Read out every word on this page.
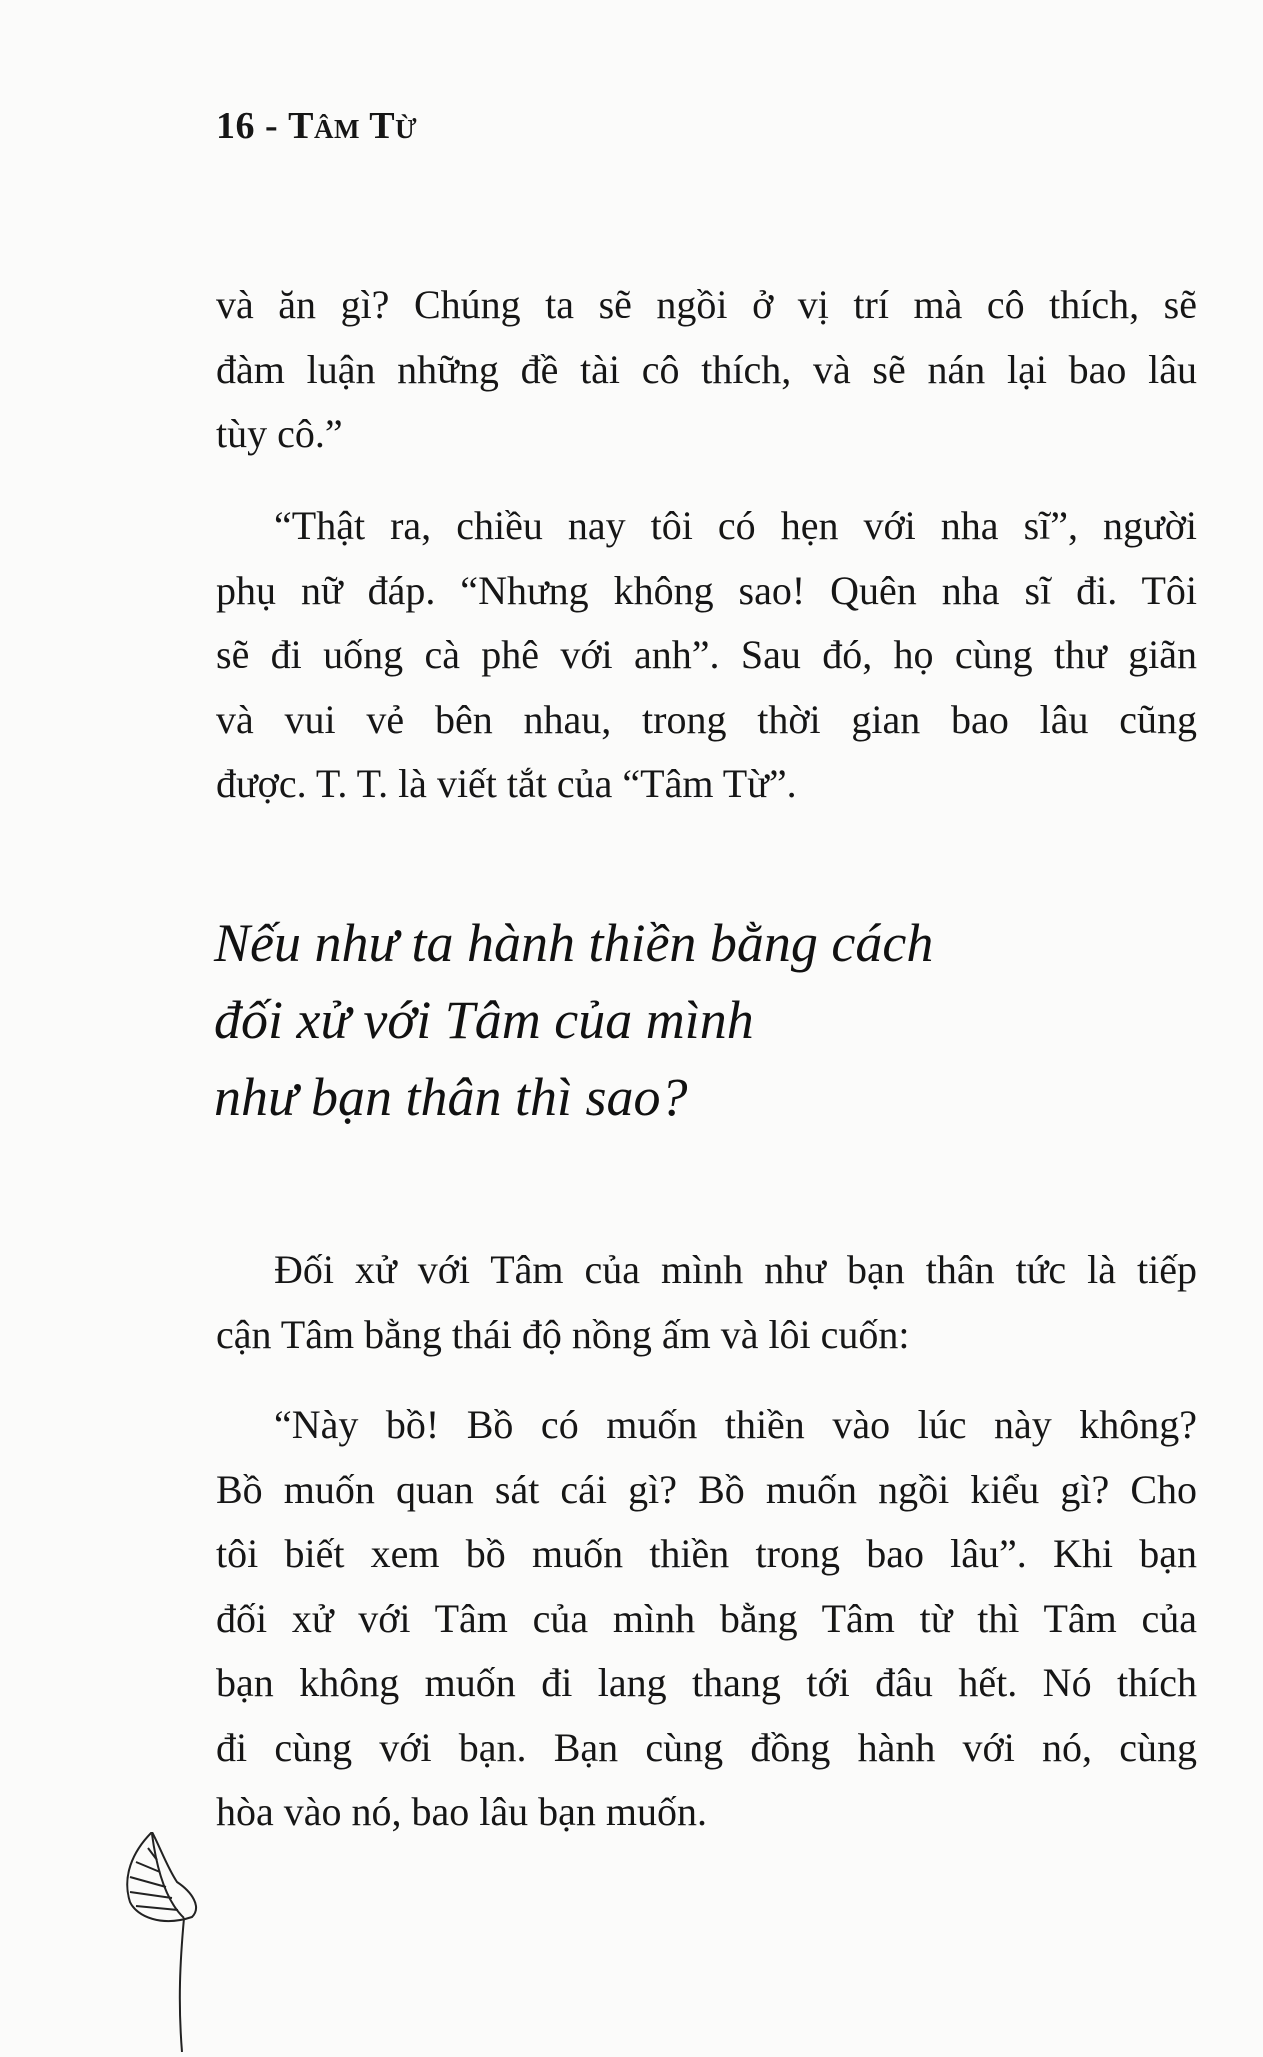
16 - Tâm Từ
và ăn gì? Chúng ta sẽ ngồi ở vị trí mà cô thích, sẽ
đàm luận những đề tài cô thích, và sẽ nán lại bao lâu
tùy cô.”
“Thật ra, chiều nay tôi có hẹn với nha sĩ”, người
phụ nữ đáp. “Nhưng không sao! Quên nha sĩ đi. Tôi
sẽ đi uống cà phê với anh”. Sau đó, họ cùng thư giãn
và vui vẻ bên nhau, trong thời gian bao lâu cũng
được. T. T. là viết tắt của “Tâm Từ”.
Nếu như ta hành thiền bằng cách
đối xử với Tâm của mình
như bạn thân thì sao?
Đối xử với Tâm của mình như bạn thân tức là tiếp
cận Tâm bằng thái độ nồng ấm và lôi cuốn:
“Này bồ! Bồ có muốn thiền vào lúc này không?
Bồ muốn quan sát cái gì? Bồ muốn ngồi kiểu gì? Cho
tôi biết xem bồ muốn thiền trong bao lâu”. Khi bạn
đối xử với Tâm của mình bằng Tâm từ thì Tâm của
bạn không muốn đi lang thang tới đâu hết. Nó thích
đi cùng với bạn. Bạn cùng đồng hành với nó, cùng
hòa vào nó, bao lâu bạn muốn.
